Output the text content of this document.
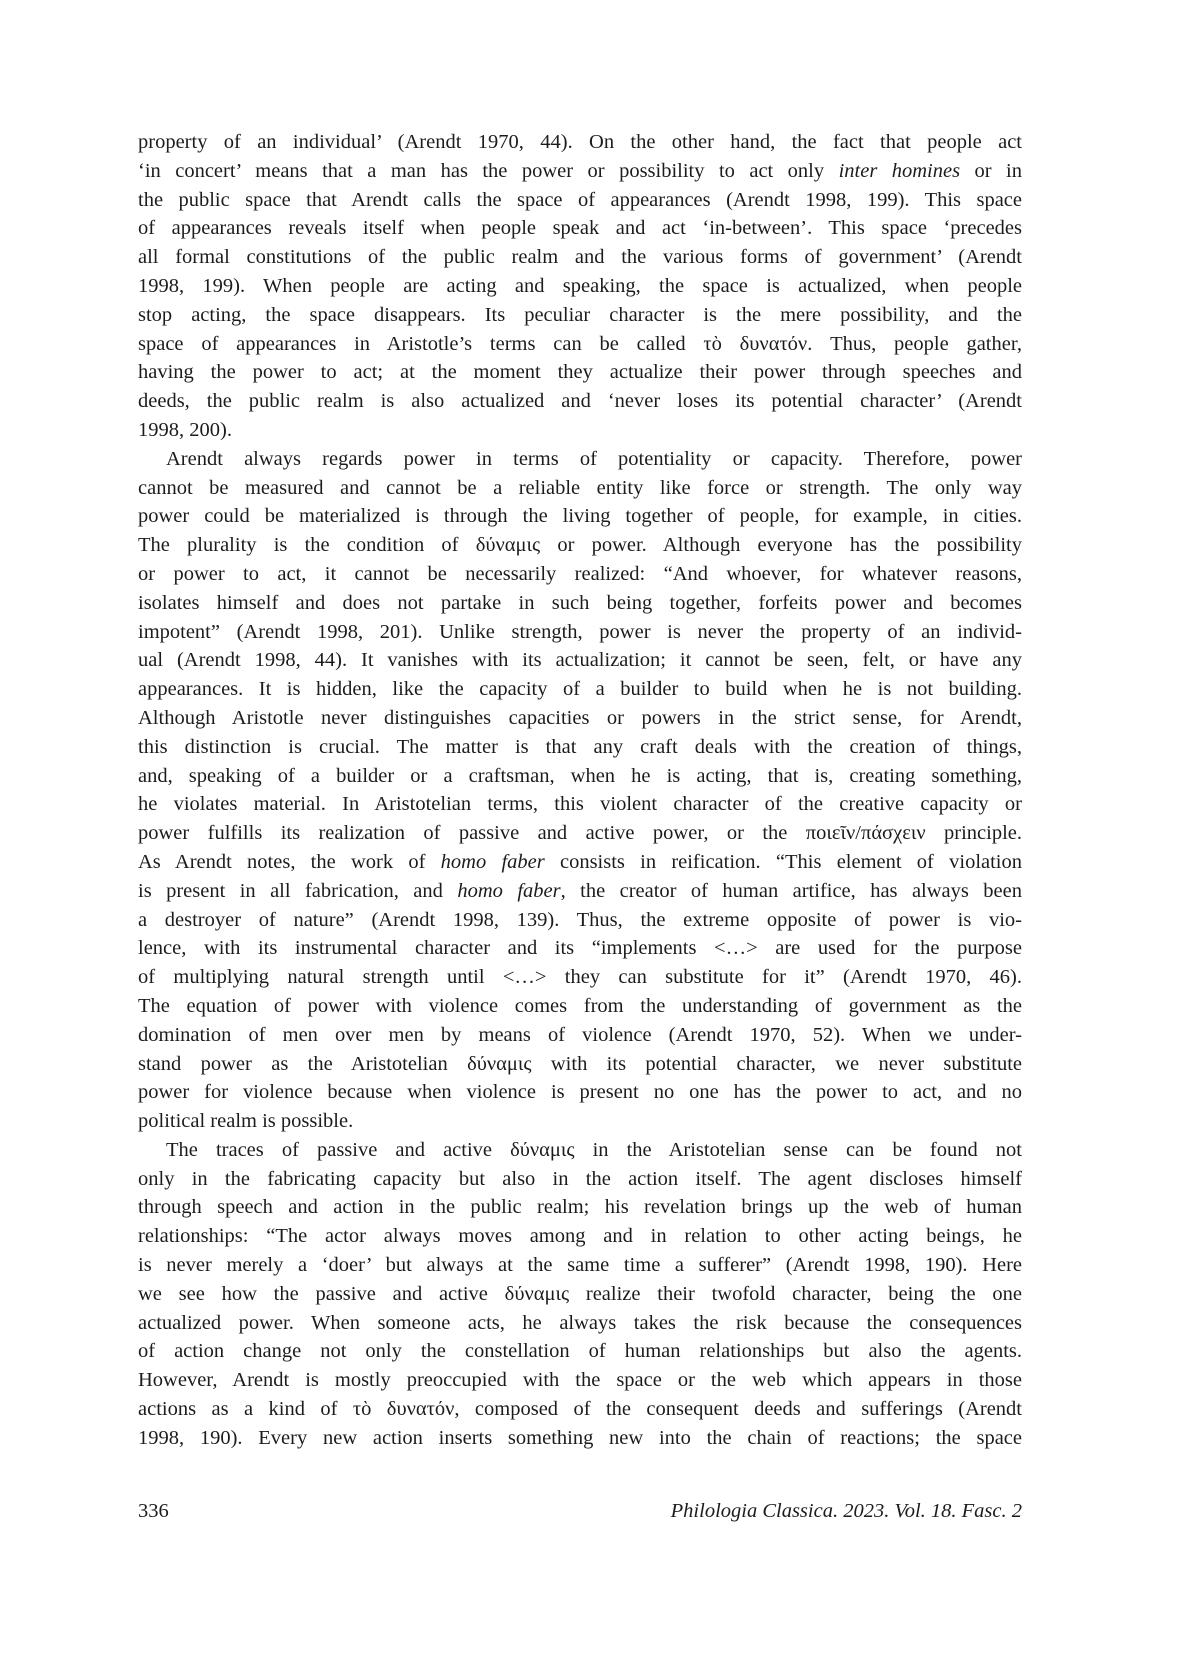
property of an individual’ (Arendt 1970, 44). On the other hand, the fact that people act
‘in concert’ means that a man has the power or possibility to act only inter homines or in
the public space that Arendt calls the space of appearances (Arendt 1998, 199). This space
of appearances reveals itself when people speak and act ‘in-between’. This space ‘precedes
all formal constitutions of the public realm and the various forms of government’ (Arendt
1998, 199). When people are acting and speaking, the space is actualized, when people
stop acting, the space disappears. Its peculiar character is the mere possibility, and the
space of appearances in Aristotle’s terms can be called τὸ δυνατόν. Thus, people gather,
having the power to act; at the moment they actualize their power through speeches and
deeds, the public realm is also actualized and ‘never loses its potential character’ (Arendt
1998, 200).
Arendt always regards power in terms of potentiality or capacity. Therefore, power
cannot be measured and cannot be a reliable entity like force or strength. The only way
power could be materialized is through the living together of people, for example, in cities.
The plurality is the condition of δύναμις or power. Although everyone has the possibility
or power to act, it cannot be necessarily realized: “And whoever, for whatever reasons,
isolates himself and does not partake in such being together, forfeits power and becomes
impotent” (Arendt 1998, 201). Unlike strength, power is never the property of an individ-
ual (Arendt 1998, 44). It vanishes with its actualization; it cannot be seen, felt, or have any
appearances. It is hidden, like the capacity of a builder to build when he is not building.
Although Aristotle never distinguishes capacities or powers in the strict sense, for Arendt,
this distinction is crucial. The matter is that any craft deals with the creation of things,
and, speaking of a builder or a craftsman, when he is acting, that is, creating something,
he violates material. In Aristotelian terms, this violent character of the creative capacity or
power fulfills its realization of passive and active power, or the ποιεῖν/πάσχειν principle.
As Arendt notes, the work of homo faber consists in reification. “This element of violation
is present in all fabrication, and homo faber, the creator of human artifice, has always been
a destroyer of nature” (Arendt 1998, 139). Thus, the extreme opposite of power is vio-
lence, with its instrumental character and its “implements <…> are used for the purpose
of multiplying natural strength until <…> they can substitute for it” (Arendt 1970, 46).
The equation of power with violence comes from the understanding of government as the
domination of men over men by means of violence (Arendt 1970, 52). When we under-
stand power as the Aristotelian δύναμις with its potential character, we never substitute
power for violence because when violence is present no one has the power to act, and no
political realm is possible.
The traces of passive and active δύναμις in the Aristotelian sense can be found not
only in the fabricating capacity but also in the action itself. The agent discloses himself
through speech and action in the public realm; his revelation brings up the web of human
relationships: “The actor always moves among and in relation to other acting beings, he
is never merely a ‘doer’ but always at the same time a sufferer” (Arendt 1998, 190). Here
we see how the passive and active δύναμις realize their twofold character, being the one
actualized power. When someone acts, he always takes the risk because the consequences
of action change not only the constellation of human relationships but also the agents.
However, Arendt is mostly preoccupied with the space or the web which appears in those
actions as a kind of τὸ δυνατόν, composed of the consequent deeds and sufferings (Arendt
1998, 190). Every new action inserts something new into the chain of reactions; the space
336	Philologia Classica. 2023. Vol. 18. Fasc. 2
